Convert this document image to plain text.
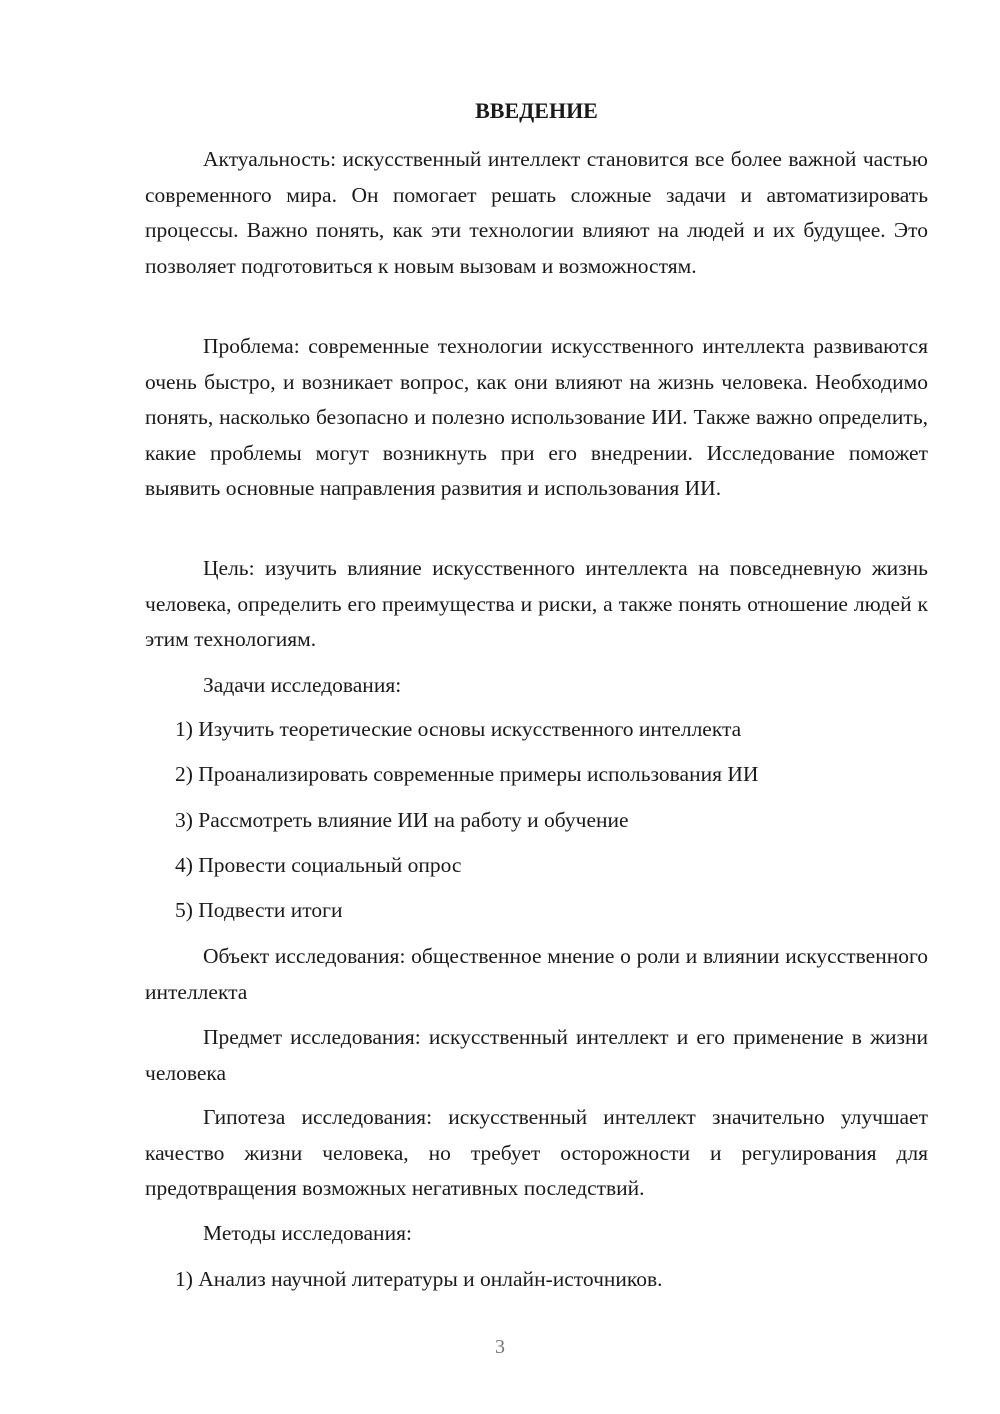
ВВЕДЕНИЕ

Актуальность: искусственный интеллект становится все более важной частью современного мира. Он помогает решать сложные задачи и автоматизировать процессы. Важно понять, как эти технологии влияют на людей и их будущее. Это позволяет подготовиться к новым вызовам и возможностям.

Проблема: современные технологии искусственного интеллекта развиваются очень быстро, и возникает вопрос, как они влияют на жизнь человека. Необходимо понять, насколько безопасно и полезно использование ИИ. Также важно определить, какие проблемы могут возникнуть при его внедрении. Исследование поможет выявить основные направления развития и использования ИИ.

Цель: изучить влияние искусственного интеллекта на повседневную жизнь человека, определить его преимущества и риски, а также понять отношение людей к этим технологиям.

Задачи исследования:

1) Изучить теоретические основы искусственного интеллекта

2) Проанализировать современные примеры использования ИИ

3) Рассмотреть влияние ИИ на работу и обучение

4) Провести социальный опрос

5) Подвести итоги

Объект исследования: общественное мнение о роли и влиянии искусственного интеллекта

Предмет исследования: искусственный интеллект и его применение в жизни человека

Гипотеза исследования: искусственный интеллект значительно улучшает качество жизни человека, но требует осторожности и регулирования для предотвращения возможных негативных последствий.

Методы исследования:

1) Анализ научной литературы и онлайн-источников.

3
